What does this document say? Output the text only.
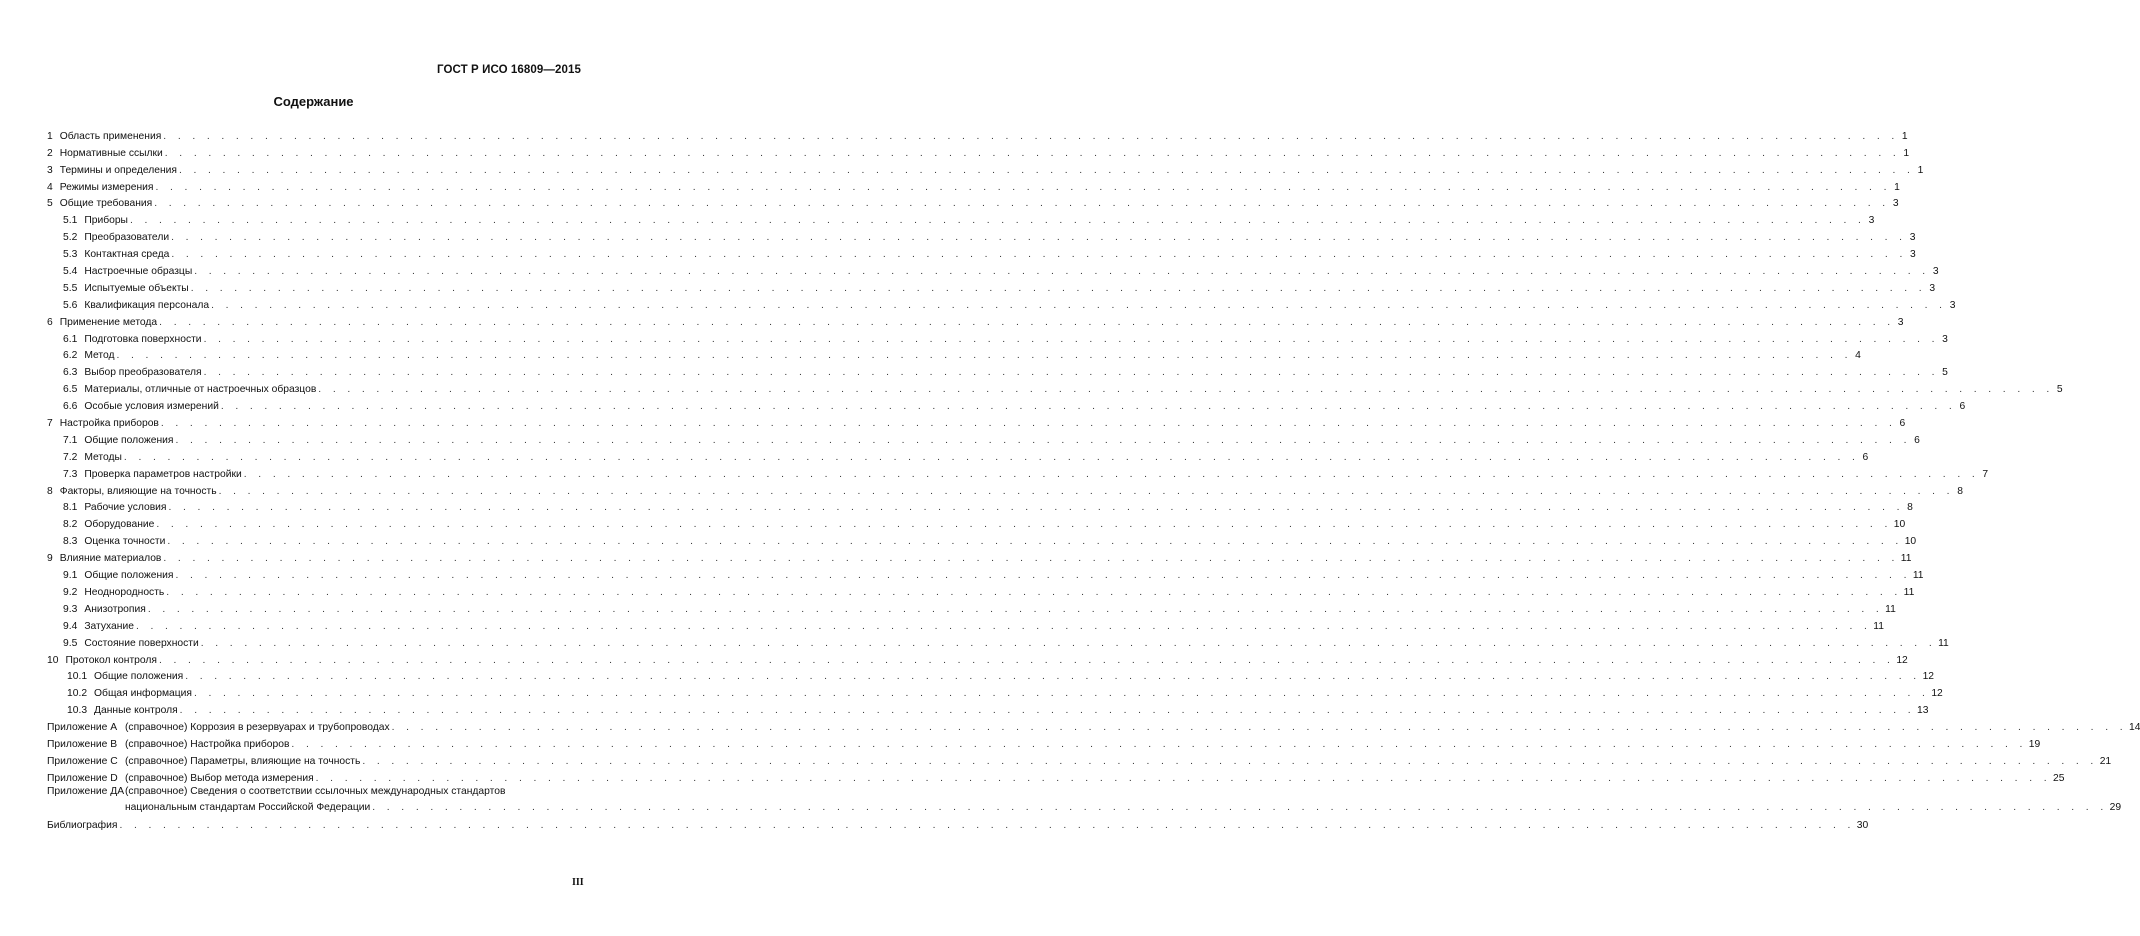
ГОСТ Р ИСО 16809—2015
Содержание
1 Область применения . . .	1
2 Нормативные ссылки . . .	1
3 Термины и определения . . .	1
4 Режимы измерения . . .	1
5 Общие требования . . .	3
5.1 Приборы . . .	3
5.2 Преобразователи . . .	3
5.3 Контактная среда . . .	3
5.4 Настроечные образцы . . .	3
5.5 Испытуемые объекты . . .	3
5.6 Квалификация персонала . . .	3
6 Применение метода . . .	3
6.1 Подготовка поверхности . . .	3
6.2 Метод . . .	4
6.3 Выбор преобразователя . . .	5
6.5 Материалы, отличные от настроечных образцов . . .	5
6.6 Особые условия измерений . . .	6
7 Настройка приборов . . .	6
7.1 Общие положения . . .	6
7.2 Методы . . .	6
7.3 Проверка параметров настройки . . .	7
8 Факторы, влияющие на точность . . .	8
8.1 Рабочие условия . . .	8
8.2 Оборудование . . .	10
8.3 Оценка точности . . .	10
9 Влияние материалов . . .	11
9.1 Общие положения . . .	11
9.2 Неоднородность . . .	11
9.3 Анизотропия . . .	11
9.4 Затухание . . .	11
9.5 Состояние поверхности . . .	11
10 Протокол контроля . . .	12
10.1 Общие положения . . .	12
10.2 Общая информация . . .	12
10.3 Данные контроля . . .	13
Приложение А (справочное) Коррозия в резервуарах и трубопроводах . . .	14
Приложение В (справочное) Настройка приборов . . .	19
Приложение С (справочное) Параметры, влияющие на точность . . .	21
Приложение D (справочное) Выбор метода измерения . . .	25
Приложение ДА (справочное) Сведения о соответствии ссылочных международных стандартов
национальным стандартам Российской Федерации . . .	29
Библиография . . .	30
III
